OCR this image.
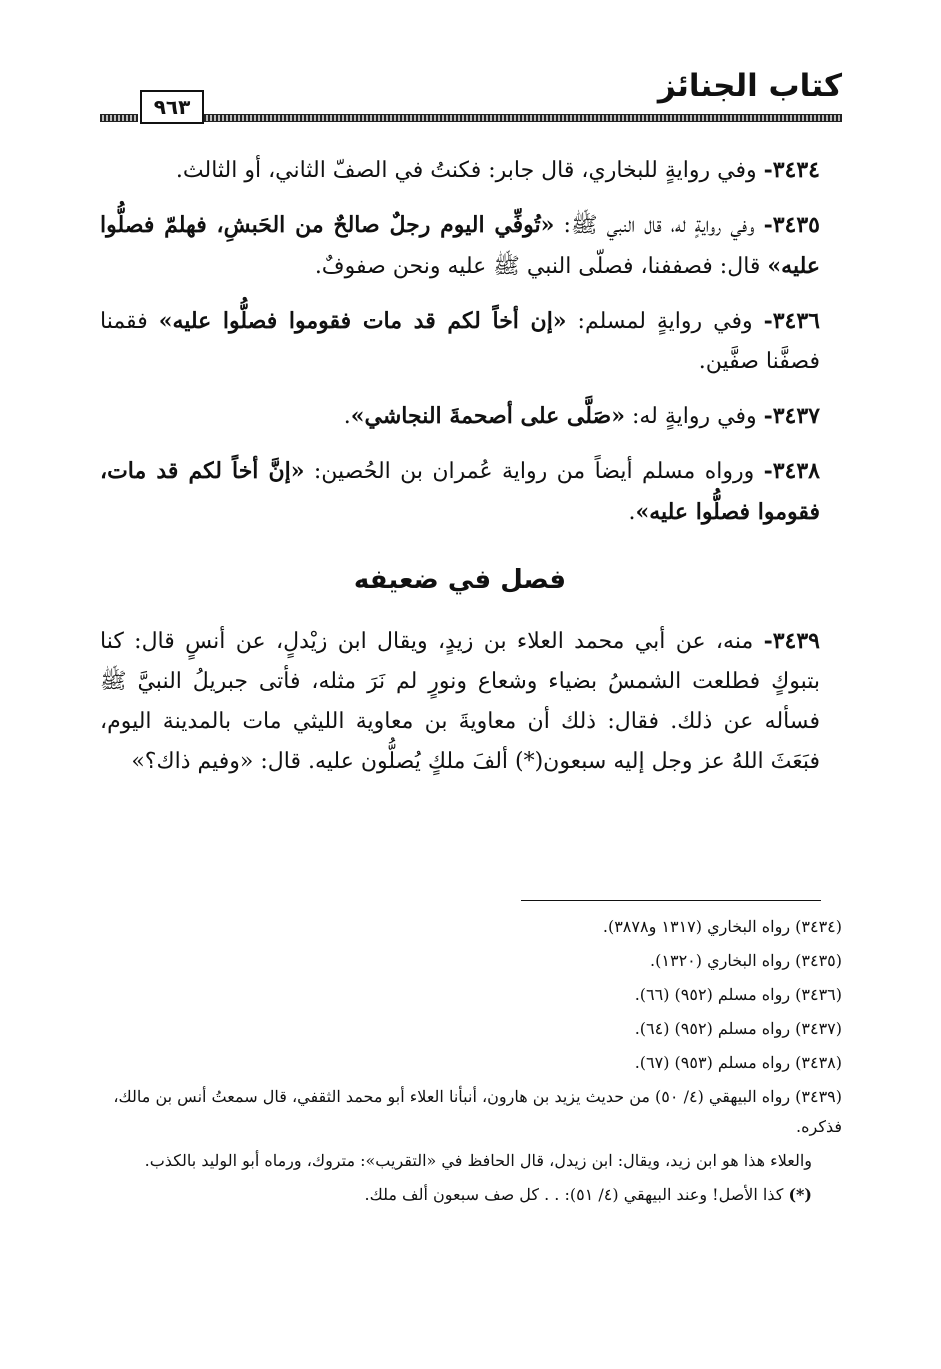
كتاب الجنائز
٩٦٣

٣٤٣٤- وفي روايةٍ للبخاري، قال جابر: فكنتُ في الصفّ الثاني، أو الثالث.

٣٤٣٥- وفي روايةٍ له، قال النبي ﷺ: «تُوفِّي اليوم رجلٌ صالحٌ من الحَبشِ، فهلمّ فصلُّوا عليه» قال: فصففنا، فصلّى النبي ﷺ عليه ونحن صفوفٌ.

٣٤٣٦- وفي روايةٍ لمسلم: «إن أخاً لكم قد مات فقوموا فصلُّوا عليه» فقمنا فصفَّنا صفَّين.

٣٤٣٧- وفي روايةٍ له: «صَلَّى على أصحمةَ النجاشي».

٣٤٣٨- ورواه مسلم أيضاً من رواية عُمران بن الحُصين: «إنَّ أخاً لكم قد مات، فقوموا فصلُّوا عليه».

فصل في ضعيفه

٣٤٣٩- منه، عن أبي محمد العلاء بن زيدٍ، ويقال ابن زيْدلٍ، عن أنسٍ قال: كنا بتبوكٍ فطلعت الشمسُ بضياء وشعاع ونورٍ لم نَرَ مثله، فأتى جبريلُ النبيَّ ﷺ فسأله عن ذلك. فقال: ذلك أن معاويةَ بن معاوية الليثي مات بالمدينة اليوم، فبَعَثَ اللهُ عز وجل إليه سبعون(*) ألفَ ملكٍ يُصلُّون عليه. قال: «وفيم ذاك؟»

(٣٤٣٤) رواه البخاري (١٣١٧ و٣٨٧٨).

(٣٤٣٥) رواه البخاري (١٣٢٠).

(٣٤٣٦) رواه مسلم (٩٥٢) (٦٦).

(٣٤٣٧) رواه مسلم (٩٥٢) (٦٤).

(٣٤٣٨) رواه مسلم (٩٥٣) (٦٧).

(٣٤٣٩) رواه البيهقي (٤/ ٥٠) من حديث يزيد بن هارون، أنبأنا العلاء أبو محمد الثقفي، قال سمعتُ أنس بن مالك، فذكره.

والعلاء هذا هو ابن زيد، ويقال: ابن زيدل، قال الحافظ في «التقريب»: متروك، ورماه أبو الوليد بالكذب.

(*) كذا الأصل! وعند البيهقي (٤/ ٥١): . . كل صف سبعون ألف ملك.
